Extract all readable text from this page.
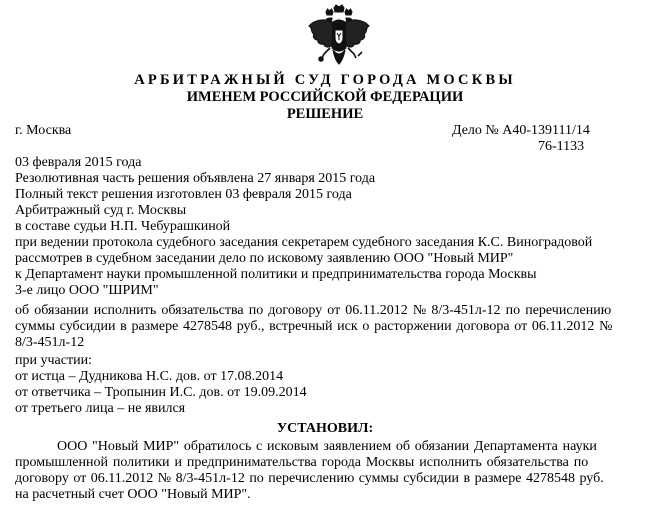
АРБИТРАЖНЫЙ СУД ГОРОДА МОСКВЫ
ИМЕНЕМ РОССИЙСКОЙ ФЕДЕРАЦИИ
РЕШЕНИЕ
г. Москва	Дело № А40-139111/14
76-1133
03 февраля 2015 года
Резолютивная часть решения объявлена 27 января 2015 года
Полный текст решения изготовлен 03 февраля 2015 года
Арбитражный суд г. Москвы
в составе судьи Н.П. Чебурашкиной
при ведении протокола судебного заседания секретарем судебного заседания К.С. Виноградовой
рассмотрев в судебном заседании дело по исковому заявлению ООО "Новый МИР"
к Департамент науки промышленной политики и предпринимательства города Москвы
3-е лицо ООО "ШРИМ"
об обязании исполнить обязательства по договору от 06.11.2012 № 8/3-451л-12 по перечислению
суммы субсидии в размере 4278548 руб., встречный иск о расторжении договора от 06.11.2012 №
8/3-451л-12
при участии:
от истца – Дудникова Н.С. дов. от 17.08.2014
от ответчика – Тропынин И.С. дов. от 19.09.2014
от третьего лица – не явился
УСТАНОВИЛ:
ООО "Новый МИР" обратилось с исковым заявлением об обязании Департамента науки
промышленной политики и предпринимательства города Москвы исполнить обязательства по
договору от 06.11.2012 № 8/3-451л-12 по перечислению суммы субсидии в размере 4278548 руб.
на расчетный счет ООО "Новый МИР".
